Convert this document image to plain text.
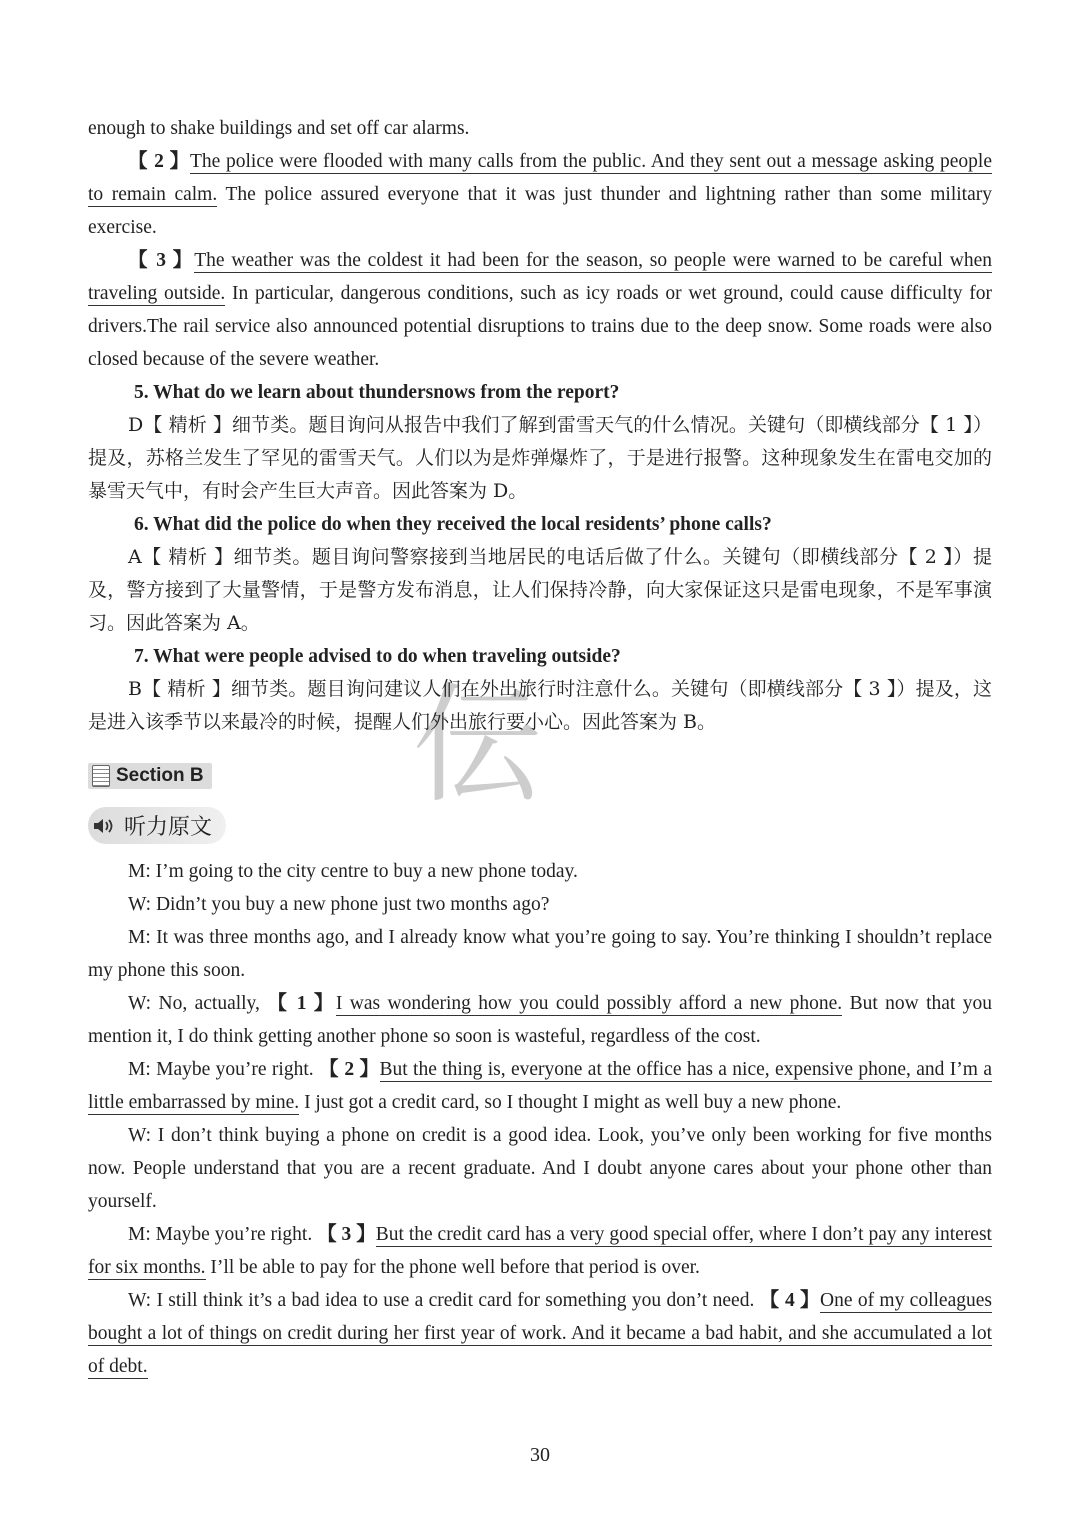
伝

enough to shake buildings and set off car alarms.

【 2 】The police were flooded with many calls from the public. And they sent out a message asking people to remain calm. The police assured everyone that it was just thunder and lightning rather than some military exercise.

【 3 】The weather was the coldest it had been for the season, so people were warned to be careful when traveling outside. In particular, dangerous conditions, such as icy roads or wet ground, could cause difficulty for drivers.The rail service also announced potential disruptions to trains due to the deep snow. Some roads were also closed because of the severe weather.

5. What do we learn about thundersnows from the report?

D【 精析 】细节类。题目询问从报告中我们了解到雷雪天气的什么情况。关键句（即横线部分【 1 】）提及，苏格兰发生了罕见的雷雪天气。人们以为是炸弹爆炸了，于是进行报警。这种现象发生在雷电交加的暴雪天气中，有时会产生巨大声音。因此答案为 D。

6. What did the police do when they received the local residents’ phone calls?

A【 精析 】细节类。题目询问警察接到当地居民的电话后做了什么。关键句（即横线部分【 2 】）提及，警方接到了大量警情，于是警方发布消息，让人们保持冷静，向大家保证这只是雷电现象，不是军事演习。因此答案为 A。

7. What were people advised to do when traveling outside?

B【 精析 】细节类。题目询问建议人们在外出旅行时注意什么。关键句（即横线部分【 3 】）提及，这是进入该季节以来最冷的时候，提醒人们外出旅行要小心。因此答案为 B。

Section B
听力原文

M: I’m going to the city centre to buy a new phone today.

W: Didn’t you buy a new phone just two months ago?

M: It was three months ago, and I already know what you’re going to say. You’re thinking I shouldn’t replace my phone this soon.

W: No, actually, 【 1 】I was wondering how you could possibly afford a new phone. But now that you mention it, I do think getting another phone so soon is wasteful, regardless of the cost.

M: Maybe you’re right. 【 2 】But the thing is, everyone at the office has a nice, expensive phone, and I’m a little embarrassed by mine. I just got a credit card, so I thought I might as well buy a new phone.

W: I don’t think buying a phone on credit is a good idea. Look, you’ve only been working for five months now. People understand that you are a recent graduate. And I doubt anyone cares about your phone other than yourself.

M: Maybe you’re right. 【 3 】But the credit card has a very good special offer, where I don’t pay any interest for six months. I’ll be able to pay for the phone well before that period is over.

W: I still think it’s a bad idea to use a credit card for something you don’t need. 【 4 】One of my colleagues bought a lot of things on credit during her first year of work. And it became a bad habit, and she accumulated a lot of debt.

30
